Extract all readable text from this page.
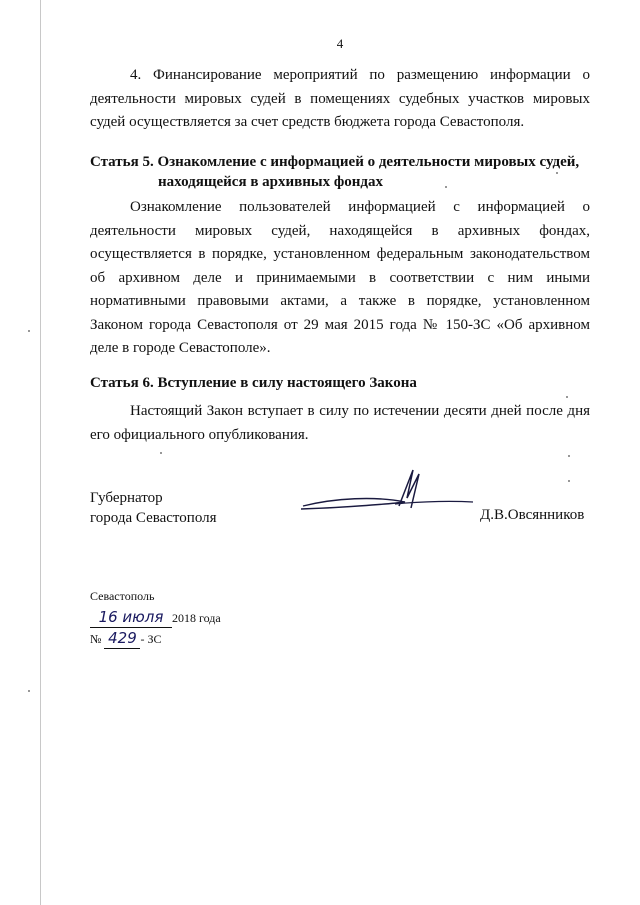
4

4. Финансирование мероприятий по размещению информации о деятельности мировых судей в помещениях судебных участков мировых судей осуществляется за счет средств бюджета города Севастополя.

Статья 5. Ознакомление с информацией о деятельности мировых судей,
находящейся в архивных фондах

Ознакомление пользователей информацией с информацией о деятельности мировых судей, находящейся в архивных фондах, осуществляется в порядке, установленном федеральным законодательством об архивном деле и принимаемыми в соответствии с ним иными нормативными правовыми актами, а также в порядке, установленном Законом города Севастополя от 29 мая 2015 года № 150-ЗС «Об архивном деле в городе Севастополе».

Статья 6. Вступление в силу настоящего Закона

Настоящий Закон вступает в силу по истечении десяти дней после дня его официального опубликования.

Губернатор
города Севастополя	Д.В.Овсянников
Севастополь
16 июля 2018 года
№ 429 - ЗС
